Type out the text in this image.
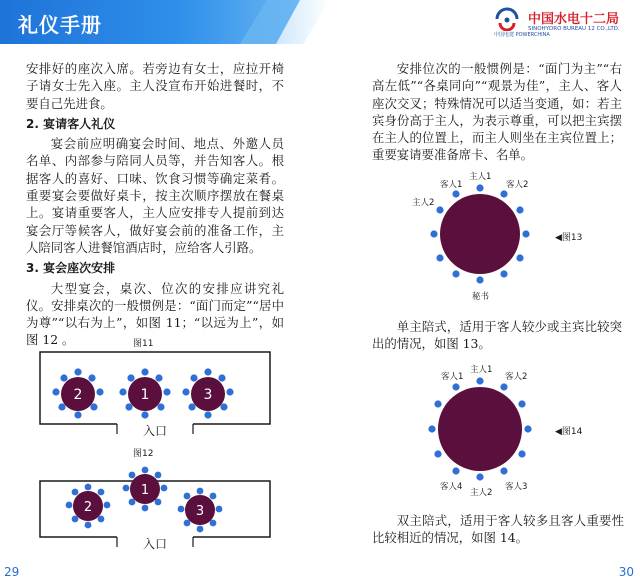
礼仪手册	中国电建 POWERCHINA
中国水电十二局
SINOHYDRO BUREAU 12 CO.,LTD.

安排好的座次入席。若旁边有女士，应拉开椅子请女士先入座。主人没宣布开始进餐时，不要自己先进食。

2. 宴请客人礼仪

宴会前应明确宴会时间、地点、外邀人员名单、内部参与陪同人员等，并告知客人。根据客人的喜好、口味、饮食习惯等确定菜肴。重要宴会要做好桌卡，按主次顺序摆放在餐桌上。宴请重要客人，主人应安排专人提前到达宴会厅等候客人，做好宴会前的准备工作，主人陪同客人进餐馆酒店时，应给客人引路。

3. 宴会座次安排

大型宴会，桌次、位次的安排应讲究礼仪。安排桌次的一般惯例是：“面门而定”“居中为尊”“以右为上”，如图 11；“以远为上”，如图 12 。	图11
2	1	3
入口
图12
1
2	3
入口

安排位次的一般惯例是：“面门为主”“右高左低”“各桌同向”“观景为佳”，主人、客人座次交叉；特殊情况可以适当变通，如：若主宾身份高于主人，为表示尊重，可以把主宾摆在主人的位置上，而主人则坐在主宾位置上；重要宴请要准备席卡、名单。

主人1
客人1	客人2
主人2
秘书
◀图13
单主陪式，适用于客人较少或主宾比较突出的情况，如图 13。
主人1
客人1	客人2
客人4
主人2
客人3
◀图14
双主陪式，适用于客人较多且客人重要性比较相近的情况，如图 14。
29	30
